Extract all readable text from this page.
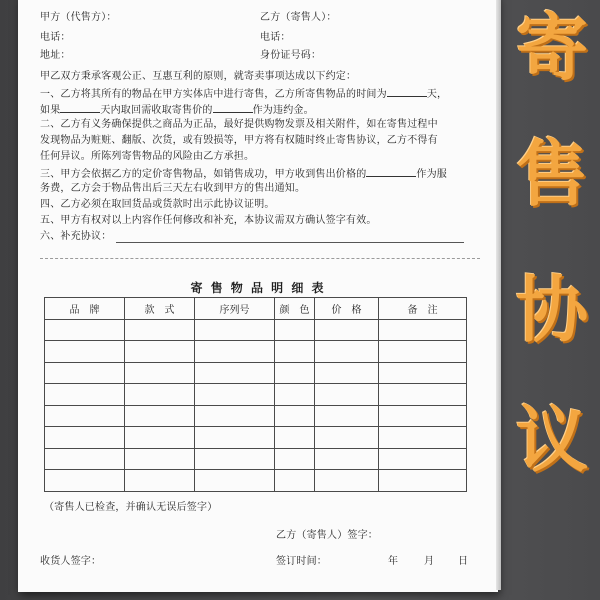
甲方（代售方）：	乙方（寄售人）：
电话：	电话：
地址：	身份证号码：
甲乙双方秉承客观公正、互惠互利的原则，就寄卖事项达成以下约定：
一、乙方将其所有的物品在甲方实体店中进行寄售，乙方所寄售物品的时间为	天，
如果	天内取回需收取寄售价的	作为违约金。
二、乙方有义务确保提供之商品为正品，最好提供购物发票及相关附件，如在寄售过程中
发现物品为赃赃、翻版、次货，或有毁损等，甲方将有权随时终止寄售协议，乙方不得有
任何异议。所陈列寄售物品的风险由乙方承担。
三、甲方会依据乙方的定价寄售物品，如销售成功，甲方收到售出价格的	作为服
务费，乙方会于物品售出后三天左右收到甲方的售出通知。
四、乙方必须在取回货品或货款时出示此协议证明。
五、甲方有权对以上内容作任何修改和补充，本协议需双方确认签字有效。
六、补充协议：
寄 售 物 品 明 细 表
品　牌	款　式	序列号	颜　色	价　格	备　注

（寄售人已检查，并确认无误后签字）
乙方（寄售人）签字：
收货人签字：	签订时间：	年	月 日
寄
售
协
议
